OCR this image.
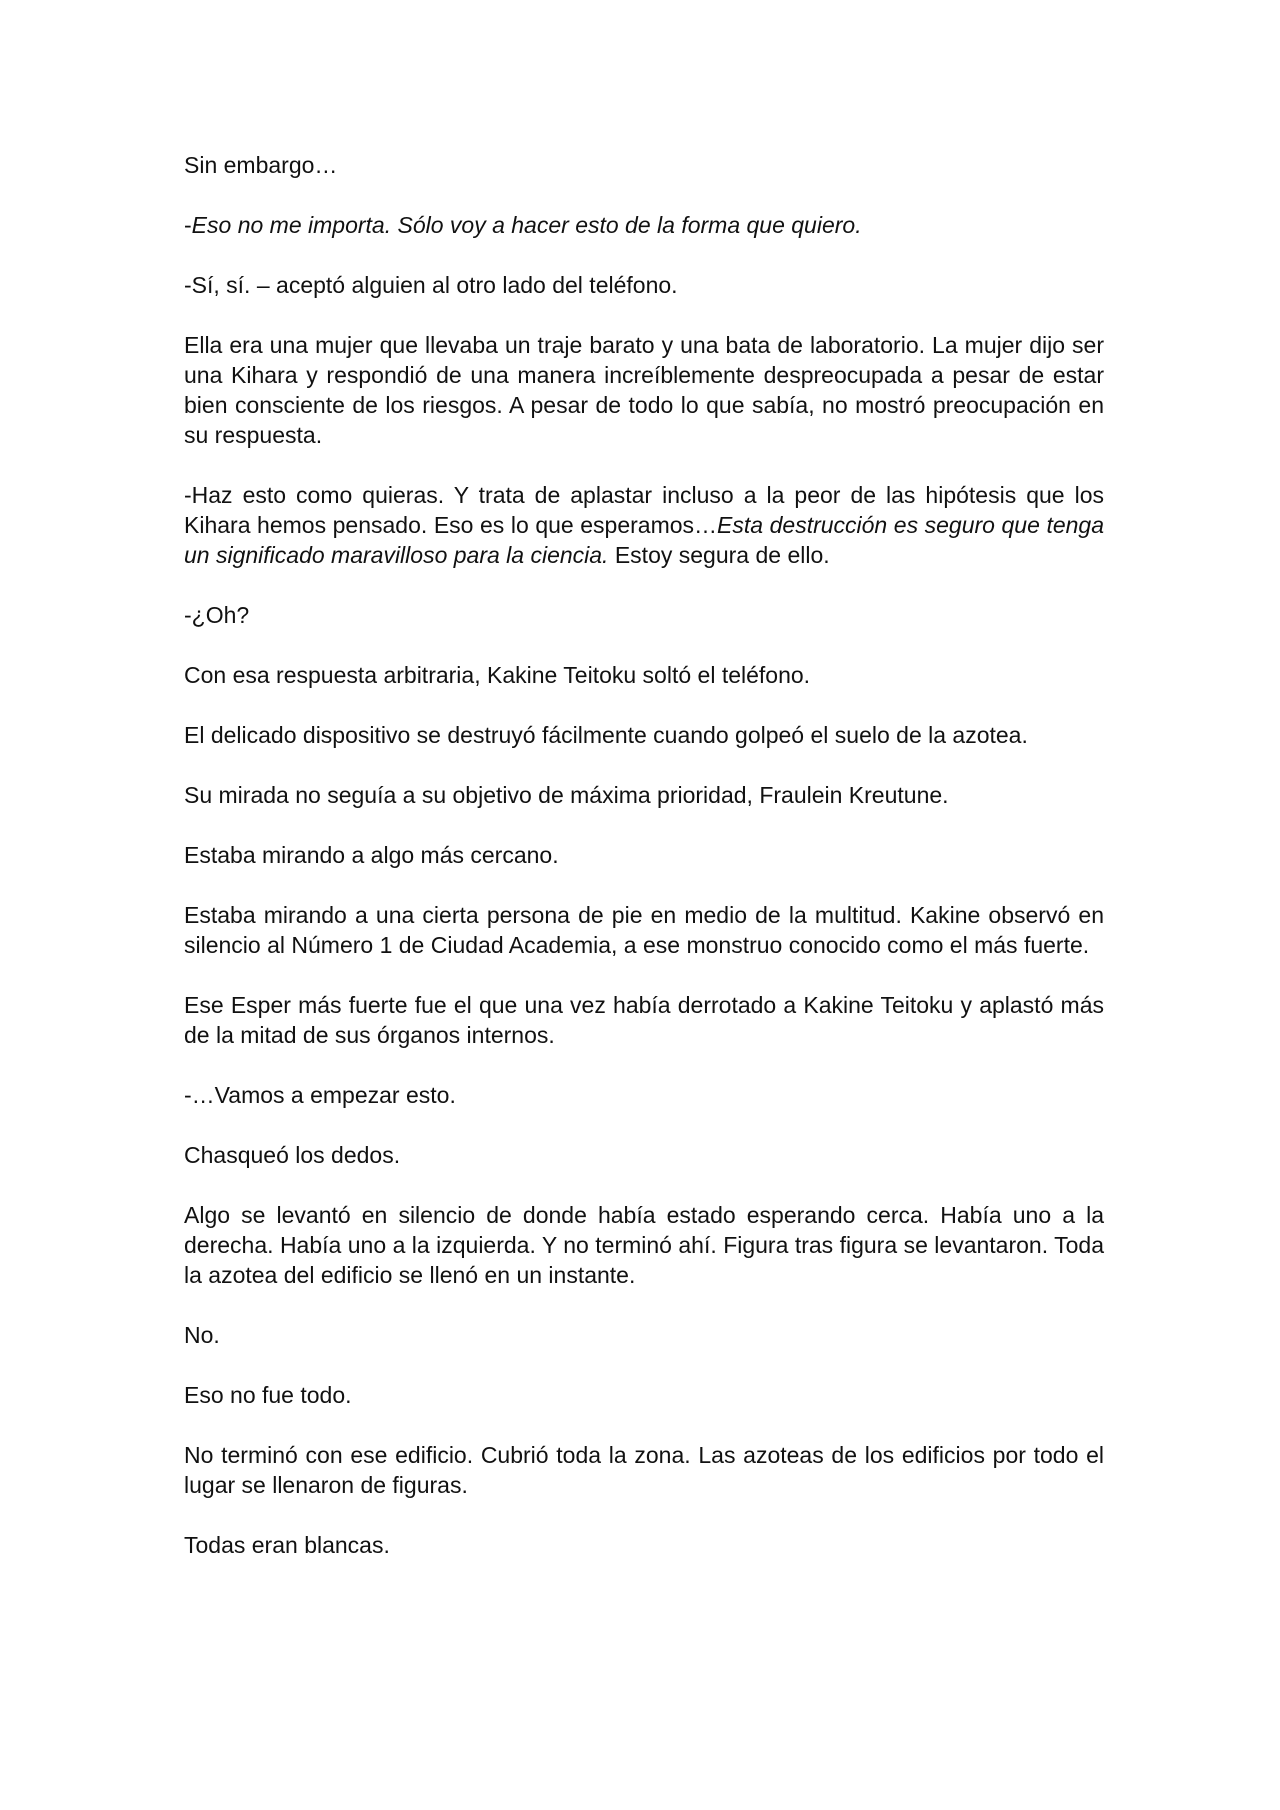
Sin embargo…

-Eso no me importa. Sólo voy a hacer esto de la forma que quiero.

-Sí, sí. – aceptó alguien al otro lado del teléfono.

Ella era una mujer que llevaba un traje barato y una bata de laboratorio. La mujer dijo ser una Kihara y respondió de una manera increíblemente despreocupada a pesar de estar bien consciente de los riesgos. A pesar de todo lo que sabía, no mostró preocupación en su respuesta.

-Haz esto como quieras. Y trata de aplastar incluso a la peor de las hipótesis que los Kihara hemos pensado. Eso es lo que esperamos…Esta destrucción es seguro que tenga un significado maravilloso para la ciencia. Estoy segura de ello.

-¿Oh?

Con esa respuesta arbitraria, Kakine Teitoku soltó el teléfono.

El delicado dispositivo se destruyó fácilmente cuando golpeó el suelo de la azotea.

Su mirada no seguía a su objetivo de máxima prioridad, Fraulein Kreutune.

Estaba mirando a algo más cercano.

Estaba mirando a una cierta persona de pie en medio de la multitud. Kakine observó en silencio al Número 1 de Ciudad Academia, a ese monstruo conocido como el más fuerte.

Ese Esper más fuerte fue el que una vez había derrotado a Kakine Teitoku y aplastó más de la mitad de sus órganos internos.

-…Vamos a empezar esto.

Chasqueó los dedos.

Algo se levantó en silencio de donde había estado esperando cerca. Había uno a la derecha. Había uno a la izquierda. Y no terminó ahí. Figura tras figura se levantaron. Toda la azotea del edificio se llenó en un instante.

No.

Eso no fue todo.

No terminó con ese edificio. Cubrió toda la zona. Las azoteas de los edificios por todo el lugar se llenaron de figuras.

Todas eran blancas.
